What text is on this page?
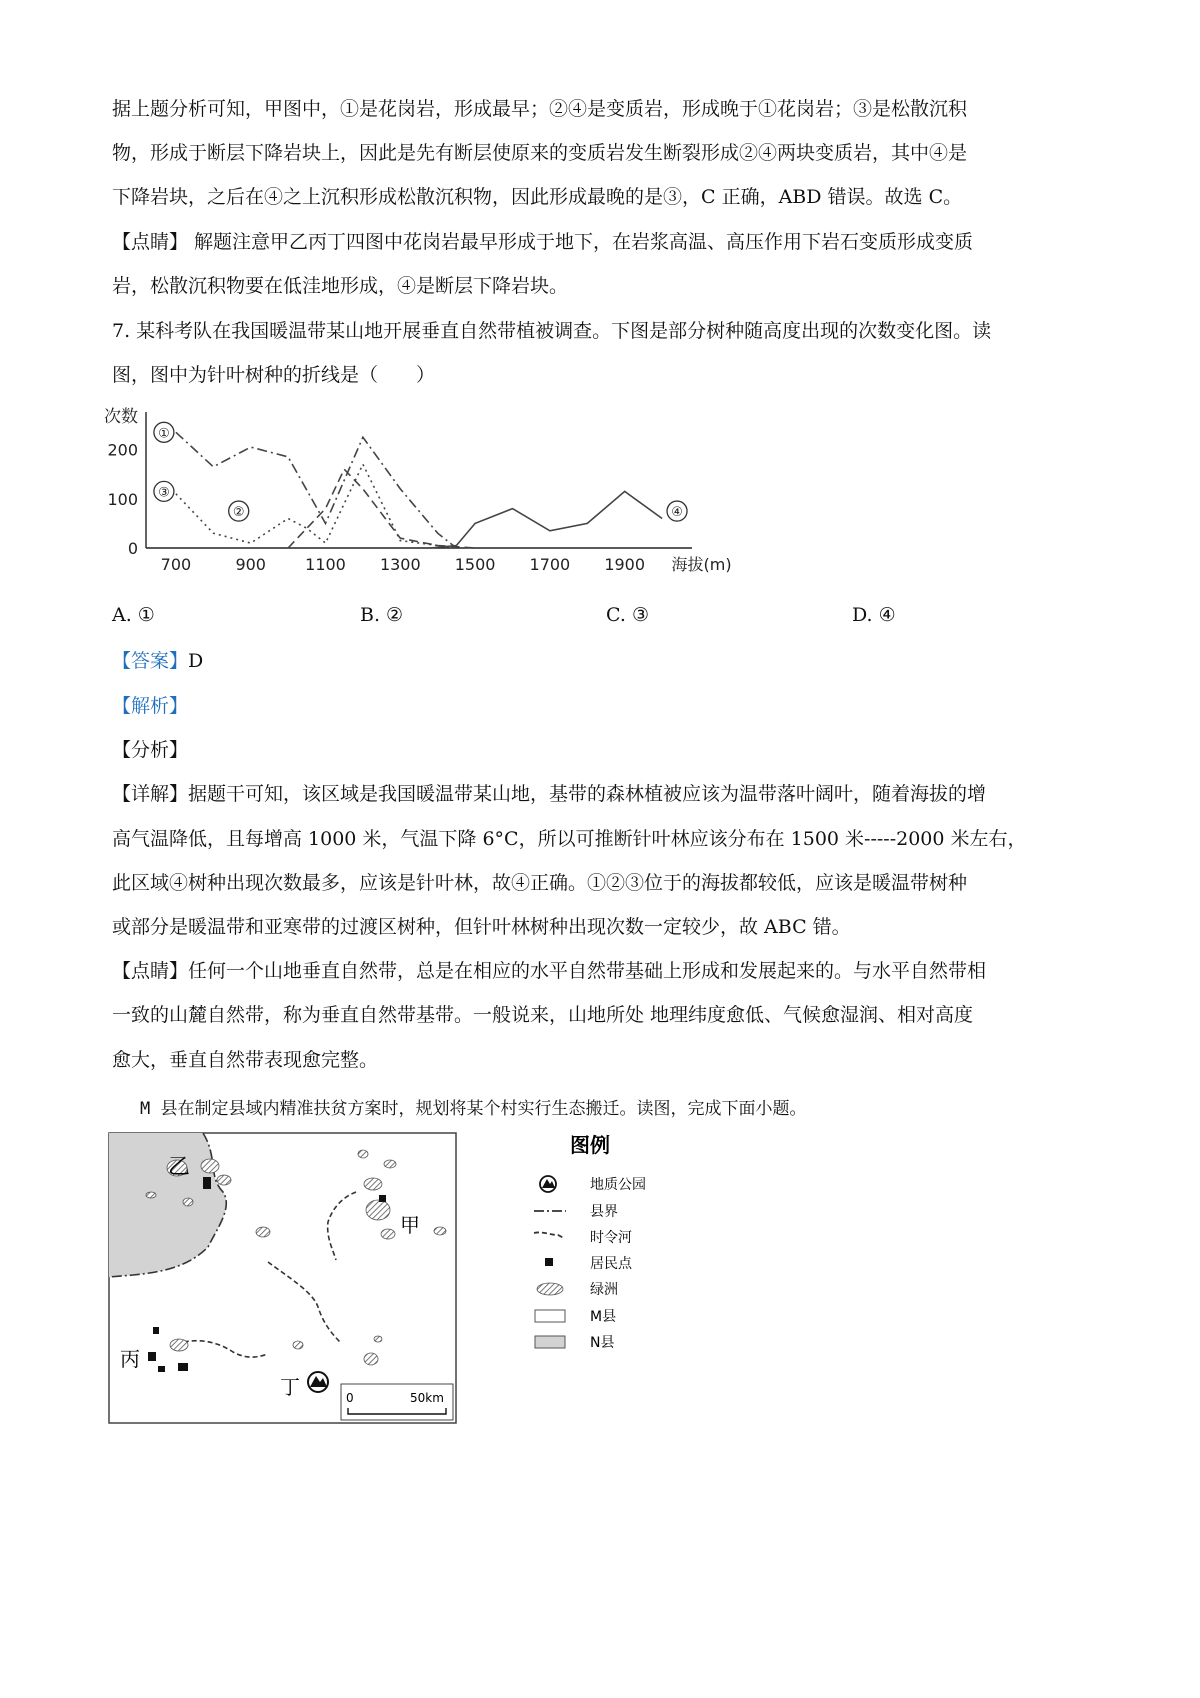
据上题分析可知，甲图中，①是花岗岩，形成最早；②④是变质岩，形成晚于①花岗岩；③是松散沉积

物，形成于断层下降岩块上，因此是先有断层使原来的变质岩发生断裂形成②④两块变质岩，其中④是

下降岩块，之后在④之上沉积形成松散沉积物，因此形成最晚的是③，C 正确，ABD 错误。故选 C。

【点睛】 解题注意甲乙丙丁四图中花岗岩最早形成于地下，在岩浆高温、高压作用下岩石变质形成变质

岩，松散沉积物要在低洼地形成，④是断层下降岩块。

7. 某科考队在我国暖温带某山地开展垂直自然带植被调查。下图是部分树种随高度出现的次数变化图。读

图，图中为针叶树种的折线是（　　）

次数
0
100
200
700	900 1100 1300 1500 1700 1900 海拔(m)
①
②
③
④
A. ①	B. ②	C. ③	D. ④

【答案】D

【解析】

【分析】

【详解】据题干可知，该区域是我国暖温带某山地，基带的森林植被应该为温带落叶阔叶，随着海拔的增

高气温降低，且每增高 1000 米，气温下降 6°C，所以可推断针叶林应该分布在 1500 米-----2000 米左右，

此区域④树种出现次数最多，应该是针叶林，故④正确。①②③位于的海拔都较低，应该是暖温带树种

或部分是暖温带和亚寒带的过渡区树种，但针叶林树种出现次数一定较少，故 ABC 错。

【点睛】任何一个山地垂直自然带，总是在相应的水平自然带基础上形成和发展起来的。与水平自然带相

一致的山麓自然带，称为垂直自然带基带。一般说来，山地所处 地理纬度愈低、气候愈湿润、相对高度

愈大，垂直自然带表现愈完整。

M 县在制定县域内精准扶贫方案时，规划将某个村实行生态搬迁。读图，完成下面小题。

乙
甲
丙
丁	0	50km
图例
地质公园
县界
时令河
居民点
绿洲
M县
N县
